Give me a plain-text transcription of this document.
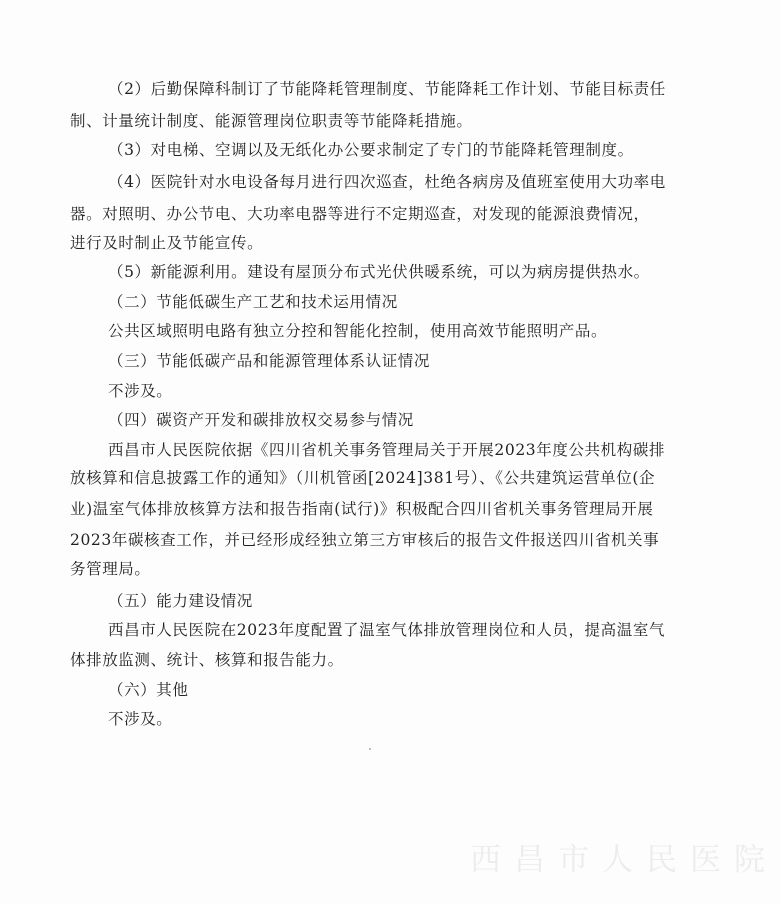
（2）后勤保障科制订了节能降耗管理制度、节能降耗工作计划、节能目标责任
制、计量统计制度、能源管理岗位职责等节能降耗措施。
（3）对电梯、空调以及无纸化办公要求制定了专门的节能降耗管理制度。
（4）医院针对水电设备每月进行四次巡查，杜绝各病房及值班室使用大功率电
器。对照明、办公节电、大功率电器等进行不定期巡查，对发现的能源浪费情况，
进行及时制止及节能宣传。
（5）新能源利用。建设有屋顶分布式光伏供暖系统，可以为病房提供热水。
（二）节能低碳生产工艺和技术运用情况
公共区域照明电路有独立分控和智能化控制，使用高效节能照明产品。
（三）节能低碳产品和能源管理体系认证情况
不涉及。
（四）碳资产开发和碳排放权交易参与情况
西昌市人民医院依据《四川省机关事务管理局关于开展2023年度公共机构碳排
放核算和信息披露工作的通知》（川机管函[2024]381号）、《公共建筑运营单位(企
业)温室气体排放核算方法和报告指南(试行)》积极配合四川省机关事务管理局开展
2023年碳核查工作，并已经形成经独立第三方审核后的报告文件报送四川省机关事
务管理局。
（五）能力建设情况
西昌市人民医院在2023年度配置了温室气体排放管理岗位和人员，提高温室气
体排放监测、统计、核算和报告能力。
（六）其他
不涉及。
西昌市人民医院
